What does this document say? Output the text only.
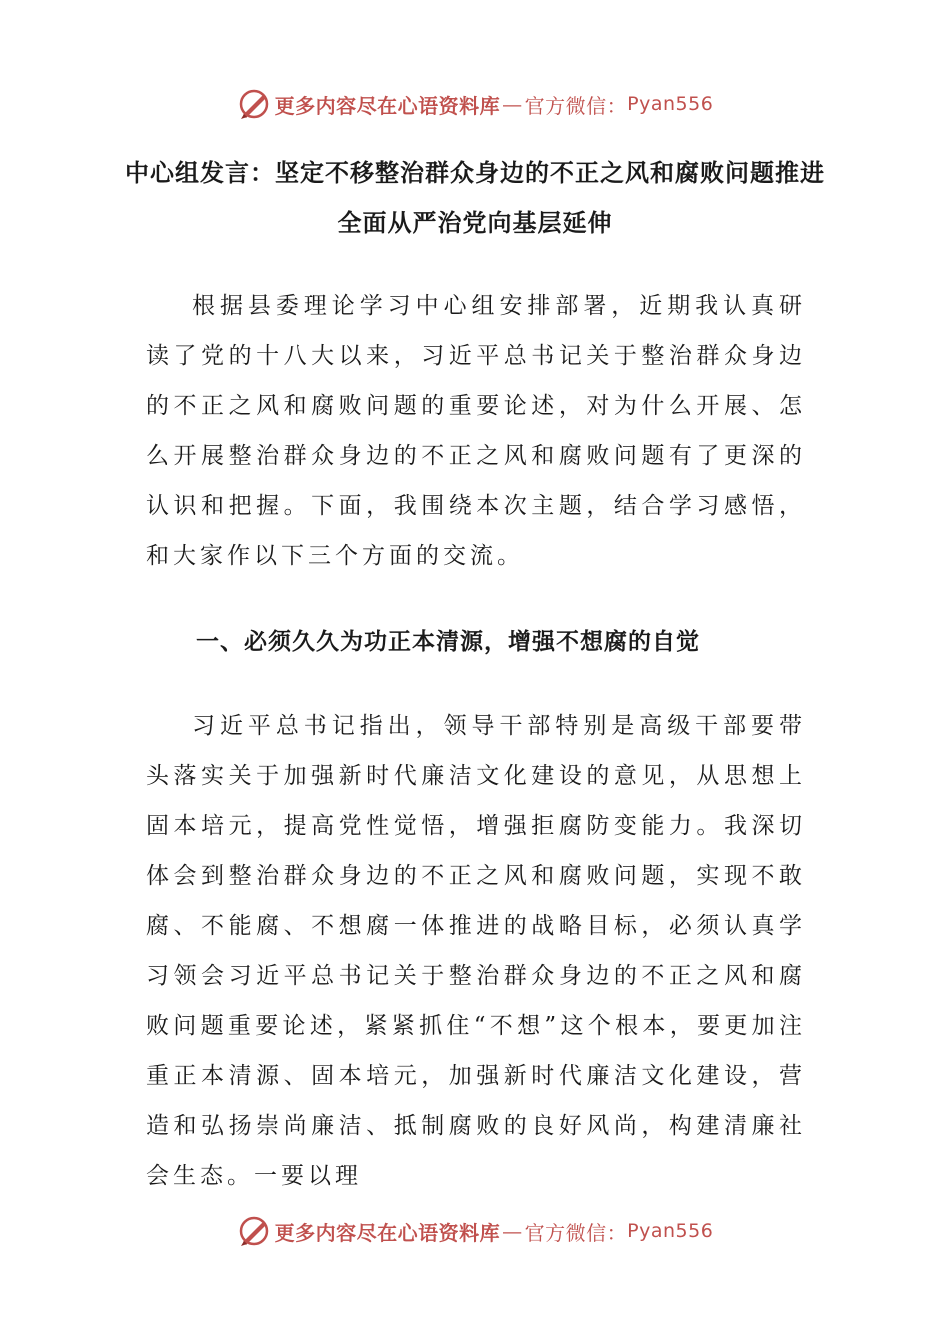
更多内容尽在心语资料库 — 官方微信： Pyan556
中心组发言：坚定不移整治群众身边的不正之风和腐败问题推进全面从严治党向基层延伸

根据县委理论学习中心组安排部署，近期我认真研读了党的十八大以来，习近平总书记关于整治群众身边的不正之风和腐败问题的重要论述，对为什么开展、怎么开展整治群众身边的不正之风和腐败问题有了更深的认识和把握。下面，我围绕本次主题，结合学习感悟，和大家作以下三个方面的交流。

一、必须久久为功正本清源，增强不想腐的自觉

习近平总书记指出，领导干部特别是高级干部要带头落实关于加强新时代廉洁文化建设的意见，从思想上固本培元，提高党性觉悟，增强拒腐防变能力。我深切体会到整治群众身边的不正之风和腐败问题，实现不敢腐、不能腐、不想腐一体推进的战略目标，必须认真学习领会习近平总书记关于整治群众身边的不正之风和腐败问题重要论述，紧紧抓住“不想”这个根本，要更加注重正本清源、固本培元，加强新时代廉洁文化建设，营造和弘扬崇尚廉洁、抵制腐败的良好风尚，构建清廉社会生态。一要以理

更多内容尽在心语资料库 — 官方微信： Pyan556
